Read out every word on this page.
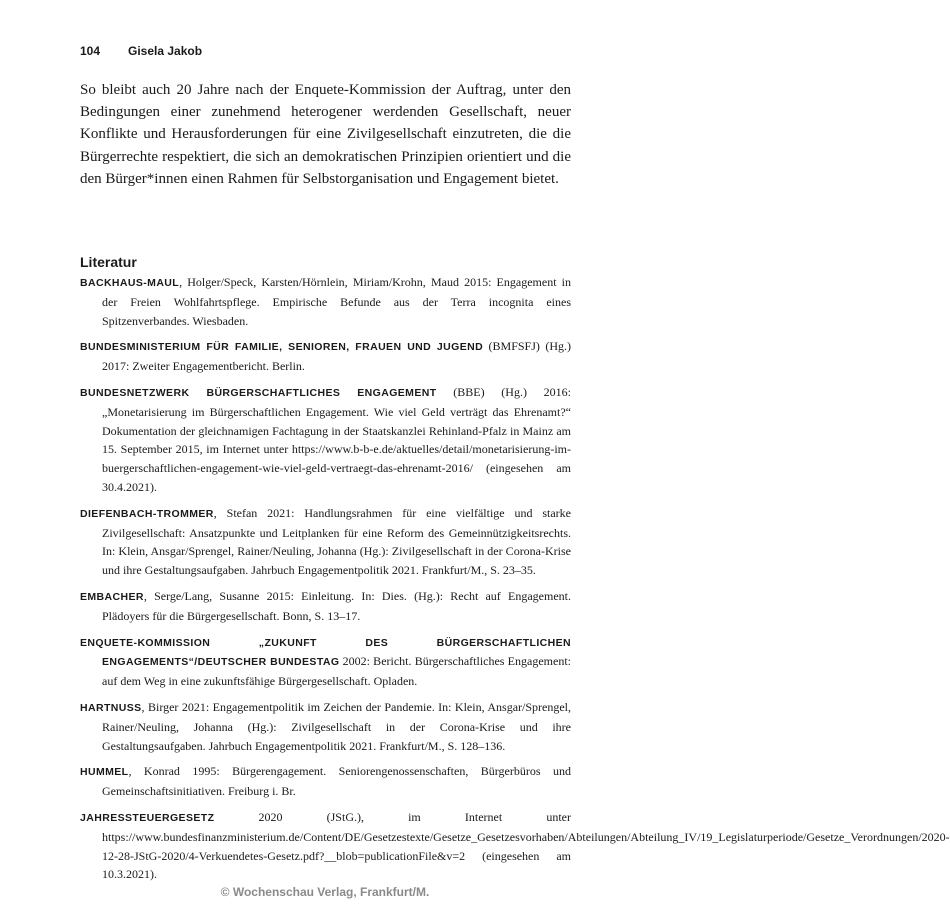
104 Gisela Jakob

So bleibt auch 20 Jahre nach der Enquete-Kommission der Auftrag, unter den Bedingungen einer zunehmend heterogener werdenden Gesellschaft, neuer Konflikte und Herausforderungen für eine Zivilgesellschaft einzutreten, die die Bürgerrechte respektiert, die sich an demokratischen Prinzipien orientiert und die den Bürger*innen einen Rahmen für Selbstorganisation und Engagement bietet.

Literatur
BACKHAUS-MAUL, Holger/Speck, Karsten/Hörnlein, Miriam/Krohn, Maud 2015: Engagement in der Freien Wohlfahrtspflege. Empirische Befunde aus der Terra incognita eines Spitzenverbandes. Wiesbaden.
BUNDESMINISTERIUM FÜR FAMILIE, SENIOREN, FRAUEN UND JUGEND (BMFSFJ) (Hg.) 2017: Zweiter Engagementbericht. Berlin.
BUNDESNETZWERK BÜRGERSCHAFTLICHES ENGAGEMENT (BBE) (Hg.) 2016: „Monetarisierung im Bürgerschaftlichen Engagement. Wie viel Geld verträgt das Ehrenamt?“ Dokumentation der gleichnamigen Fachtagung in der Staatskanzlei Rehinland-Pfalz in Mainz am 15. September 2015, im Internet unter https://www.b-b-e.de/aktuelles/detail/monetarisierung-im-buergerschaftlichen-engagement-wie-viel-geld-vertraegt-das-ehrenamt-2016/ (eingesehen am 30.4.2021).
DIEFENBACH-TROMMER, Stefan 2021: Handlungsrahmen für eine vielfältige und starke Zivilgesellschaft: Ansatzpunkte und Leitplanken für eine Reform des Gemeinnützigkeitsrechts. In: Klein, Ansgar/Sprengel, Rainer/Neuling, Johanna (Hg.): Zivilgesellschaft in der Corona-Krise und ihre Gestaltungsaufgaben. Jahrbuch Engagementpolitik 2021. Frankfurt/M., S. 23–35.
EMBACHER, Serge/Lang, Susanne 2015: Einleitung. In: Dies. (Hg.): Recht auf Engagement. Plädoyers für die Bürgergesellschaft. Bonn, S. 13–17.
ENQUETE-KOMMISSION „ZUKUNFT DES BÜRGERSCHAFTLICHEN ENGAGEMENTS“/DEUTSCHER BUNDESTAG 2002: Bericht. Bürgerschaftliches Engagement: auf dem Weg in eine zukunftsfähige Bürgergesellschaft. Opladen.
HARTNUSS, Birger 2021: Engagementpolitik im Zeichen der Pandemie. In: Klein, Ansgar/Sprengel, Rainer/Neuling, Johanna (Hg.): Zivilgesellschaft in der Corona-Krise und ihre Gestaltungsaufgaben. Jahrbuch Engagementpolitik 2021. Frankfurt/M., S. 128–136.
HUMMEL, Konrad 1995: Bürgerengagement. Seniorengenossenschaften, Bürgerbüros und Gemeinschaftsinitiativen. Freiburg i. Br.
JAHRESSTEUERGESETZ 2020 (JStG.), im Internet unter https://www.bundesfinanzministerium.de/Content/DE/Gesetzestexte/Gesetze_Gesetzesvorhaben/Abteilungen/Abteilung_IV/19_Legislaturperiode/Gesetze_Verordnungen/2020-12-28-JStG-2020/4-Verkuendetes-Gesetz.pdf?__blob=publicationFile&v=2 (eingesehen am 10.3.2021).
© Wochenschau Verlag, Frankfurt/M.
